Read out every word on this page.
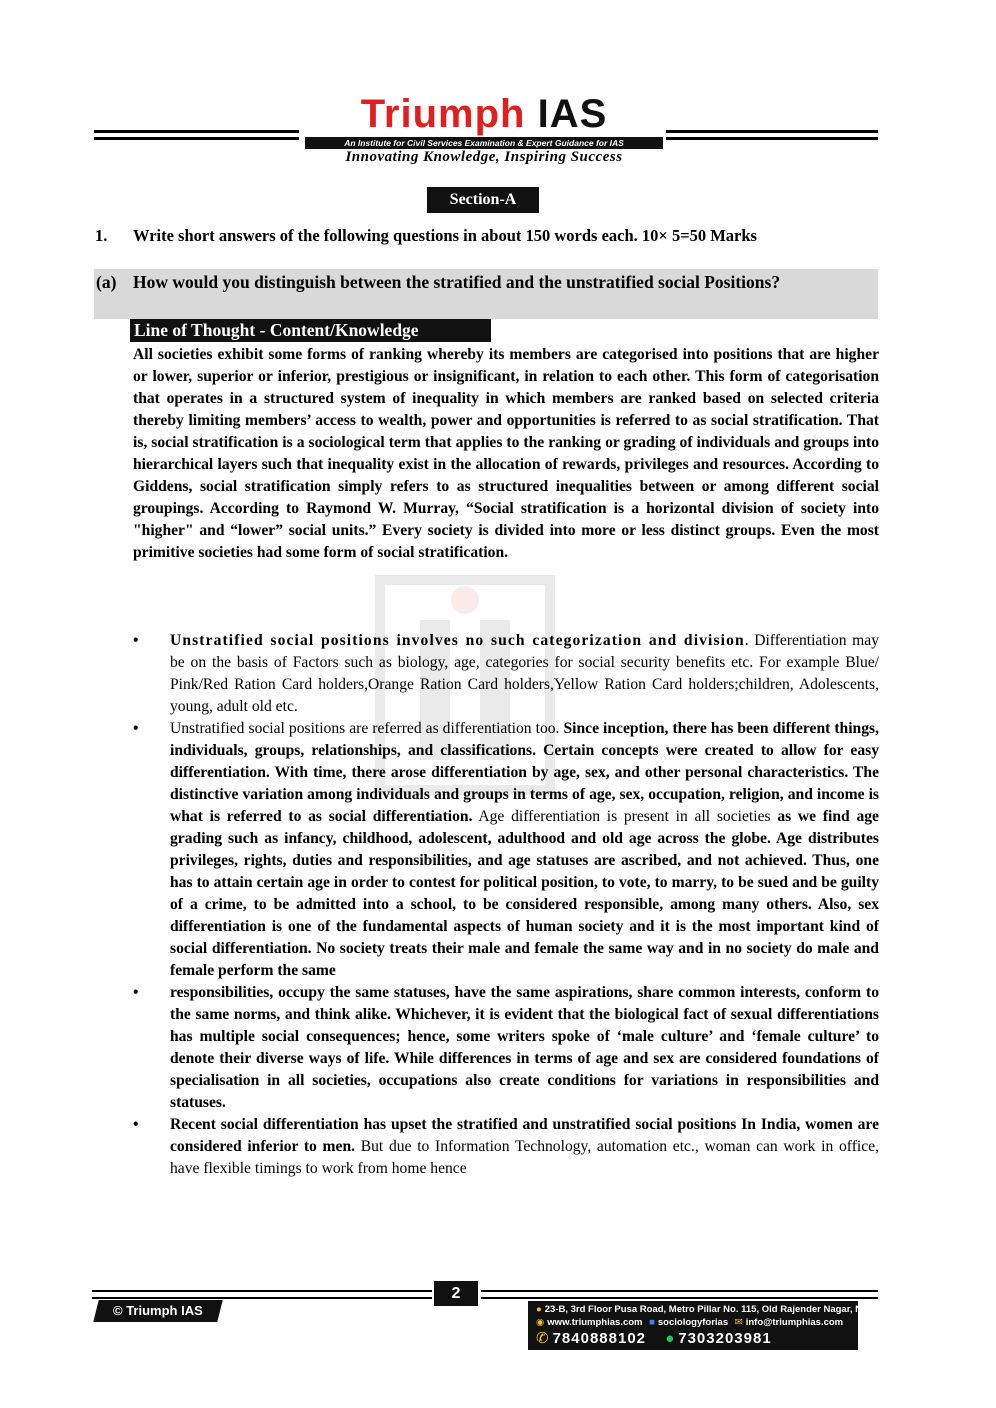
Triumph IAS
An Institute for Civil Services Examination & Expert Guidance for IAS
Innovating Knowledge, Inspiring Success
Section-A
1. Write short answers of the following questions in about 150 words each. 10× 5=50 Marks
(a) How would you distinguish between the stratified and the unstratified social Positions?
Line of Thought - Content/Knowledge
All societies exhibit some forms of ranking whereby its members are categorised into positions that are higher or lower, superior or inferior, prestigious or insignificant, in relation to each other. This form of categorisation that operates in a structured system of inequality in which members are ranked based on selected criteria thereby limiting members’ access to wealth, power and opportunities is referred to as social stratification. That is, social stratification is a sociological term that applies to the ranking or grading of individuals and groups into hierarchical layers such that inequality exist in the allocation of rewards, privileges and resources. According to Giddens, social stratification simply refers to as structured inequalities between or among different social groupings. According to Raymond W. Murray, “Social stratification is a horizontal division of society into "higher" and “lower” social units.” Every society is divided into more or less distinct groups. Even the most primitive societies had some form of social stratification.
• Unstratified social positions involves no such categorization and division. Differentiation may be on the basis of Factors such as biology, age, categories for social security benefits etc. For example Blue/ Pink/Red Ration Card holders,Orange Ration Card holders,Yellow Ration Card holders;children, Adolescents, young, adult old etc.
• Unstratified social positions are referred as differentiation too. Since inception, there has been different things, individuals, groups, relationships, and classifications. Certain concepts were created to allow for easy differentiation. With time, there arose differentiation by age, sex, and other personal characteristics. The distinctive variation among individuals and groups in terms of age, sex, occupation, religion, and income is what is referred to as social differentiation. Age differentiation is present in all societies as we find age grading such as infancy, childhood, adolescent, adulthood and old age across the globe. Age distributes privileges, rights, duties and responsibilities, and age statuses are ascribed, and not achieved. Thus, one has to attain certain age in order to contest for political position, to vote, to marry, to be sued and be guilty of a crime, to be admitted into a school, to be considered responsible, among many others. Also, sex differentiation is one of the fundamental aspects of human society and it is the most important kind of social differentiation. No society treats their male and female the same way and in no society do male and female perform the same
• responsibilities, occupy the same statuses, have the same aspirations, share common interests, conform to the same norms, and think alike. Whichever, it is evident that the biological fact of sexual differentiations has multiple social consequences; hence, some writers spoke of ‘male culture’ and ‘female culture’ to denote their diverse ways of life. While differences in terms of age and sex are considered foundations of specialisation in all societies, occupations also create conditions for variations in responsibilities and statuses.
• Recent social differentiation has upset the stratified and unstratified social positions In India, women are considered inferior to men. But due to Information Technology, automation etc., woman can work in office, have flexible timings to work from home hence
2
© Triumph IAS	● 23-B, 3rd Floor Pusa Road, Metro Pillar No. 115, Old Rajender Nagar, New Delhi-110060
◉ www.triumphias.com ■ sociologyforias ✉ info@triumphias.com
✆ 7840888102 ● 7303203981
